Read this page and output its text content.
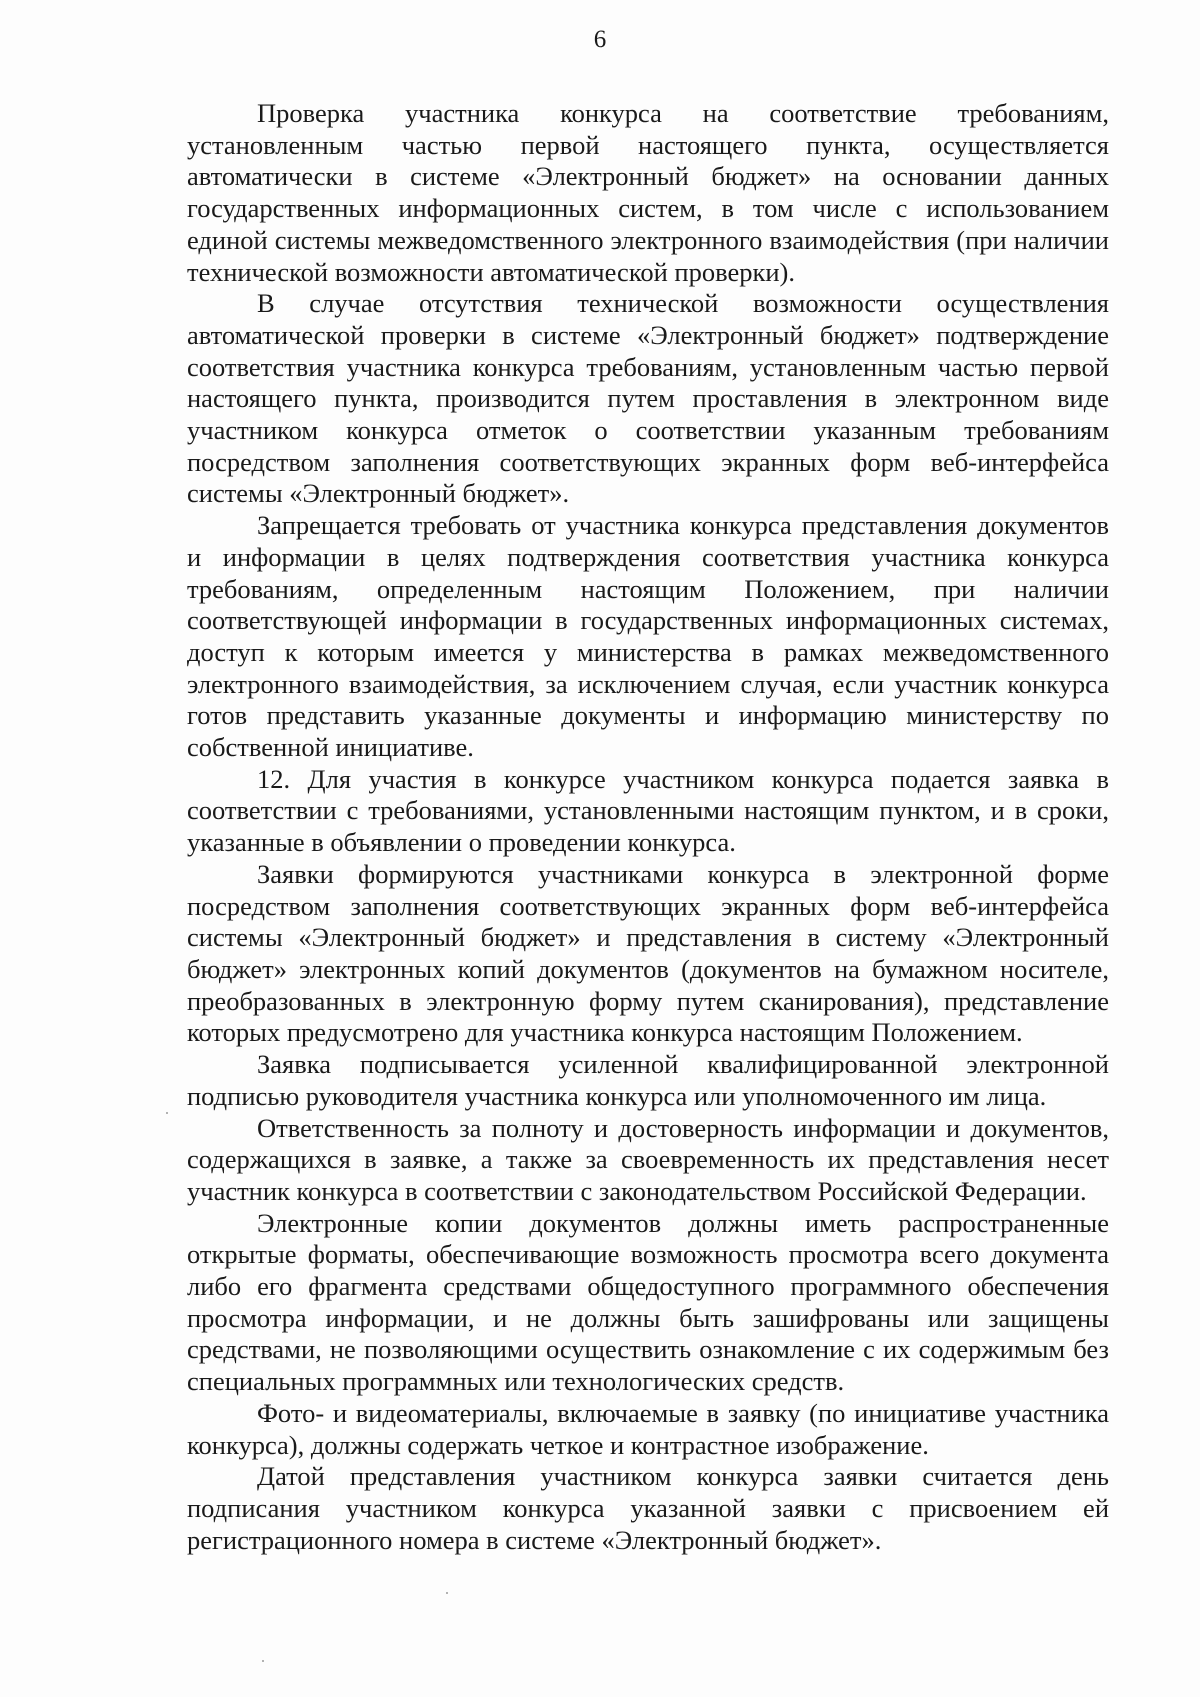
6

Проверка участника конкурса на соответствие требованиям, установленным частью первой настоящего пункта, осуществляется автоматически в системе «Электронный бюджет» на основании данных государственных информационных систем, в том числе с использованием единой системы межведомственного электронного взаимодействия (при наличии технической возможности автоматической проверки).

В случае отсутствия технической возможности осуществления автоматической проверки в системе «Электронный бюджет» подтверждение соответствия участника конкурса требованиям, установленным частью первой настоящего пункта, производится путем проставления в электронном виде участником конкурса отметок о соответствии указанным требованиям посредством заполнения соответствующих экранных форм веб-интерфейса системы «Электронный бюджет».

Запрещается требовать от участника конкурса представления документов и информации в целях подтверждения соответствия участника конкурса требованиям, определенным настоящим Положением, при наличии соответствующей информации в государственных информационных системах, доступ к которым имеется у министерства в рамках межведомственного электронного взаимодействия, за исключением случая, если участник конкурса готов представить указанные документы и информацию министерству по собственной инициативе.

12. Для участия в конкурсе участником конкурса подается заявка в соответствии с требованиями, установленными настоящим пунктом, и в сроки, указанные в объявлении о проведении конкурса.

Заявки формируются участниками конкурса в электронной форме посредством заполнения соответствующих экранных форм веб-интерфейса системы «Электронный бюджет» и представления в систему «Электронный бюджет» электронных копий документов (документов на бумажном носителе, преобразованных в электронную форму путем сканирования), представление которых предусмотрено для участника конкурса настоящим Положением.

Заявка подписывается усиленной квалифицированной электронной подписью руководителя участника конкурса или уполномоченного им лица.

Ответственность за полноту и достоверность информации и документов, содержащихся в заявке, а также за своевременность их представления несет участник конкурса в соответствии с законодательством Российской Федерации.

Электронные копии документов должны иметь распространенные открытые форматы, обеспечивающие возможность просмотра всего документа либо его фрагмента средствами общедоступного программного обеспечения просмотра информации, и не должны быть зашифрованы или защищены средствами, не позволяющими осуществить ознакомление с их содержимым без специальных программных или технологических средств.

Фото- и видеоматериалы, включаемые в заявку (по инициативе участника конкурса), должны содержать четкое и контрастное изображение.

Датой представления участником конкурса заявки считается день подписания участником конкурса указанной заявки с присвоением ей регистрационного номера в системе «Электронный бюджет».
